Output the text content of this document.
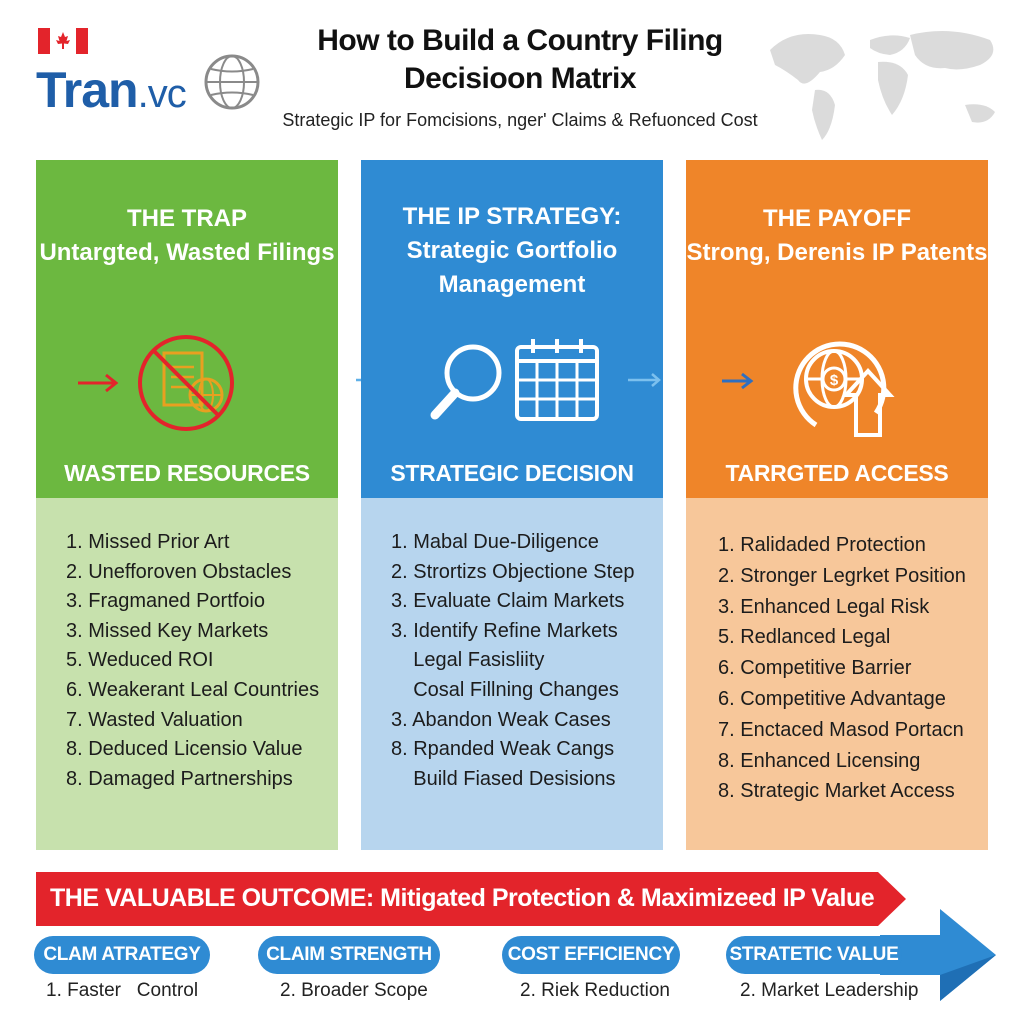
Tran.vc
How to Build a Country Filing
Decisioon Matrix
Strategic IP for Fomcisions, nger' Claims & Refuonced Cost
THE TRAP
Untargted, Wasted Filings
WASTED RESOURCES
1. Missed Prior Art
2. Unefforoven Obstacles
3. Fragmaned Portfoio
3. Missed Key Markets
5. Weduced ROI
6. Weakerant Leal Countries
7. Wasted Valuation
8. Deduced Licensio Value
8. Damaged Partnerships
THE IP STRATEGY:
Strategic Gortfolio
Management
STRATEGIC DECISION
1. Mabal Due-Diligence
2. Strortizs Objectione Step
3. Evaluate Claim Markets
3. Identify Refine Markets
Legal Fasisliity
Cosal Fillning Changes
3. Abandon Weak Cases
8. Rpanded Weak Cangs
Build Fiased Desisions
THE PAYOFF
Strong, Derenis IP Patents
$
TARRGTED ACCESS
1. Ralidaded Protection
2. Stronger Legrket Position
3. Enhanced Legal Risk
5. Redlanced Legal
6. Competitive Barrier
6. Competitive Advantage
7. Enctaced Masod Portacn
8. Enhanced Licensing
8. Strategic Market Access
THE VALUABLE OUTCOME: Mitigated Protection & Maximizeed IP Value
CLAM ATRATEGY	CLAIM STRENGTH	COST EFFICIENCY	STRATETIC VALUE
1. Faster   Control	2. Broader Scope	2. Riek Reduction	2. Market Leadership
